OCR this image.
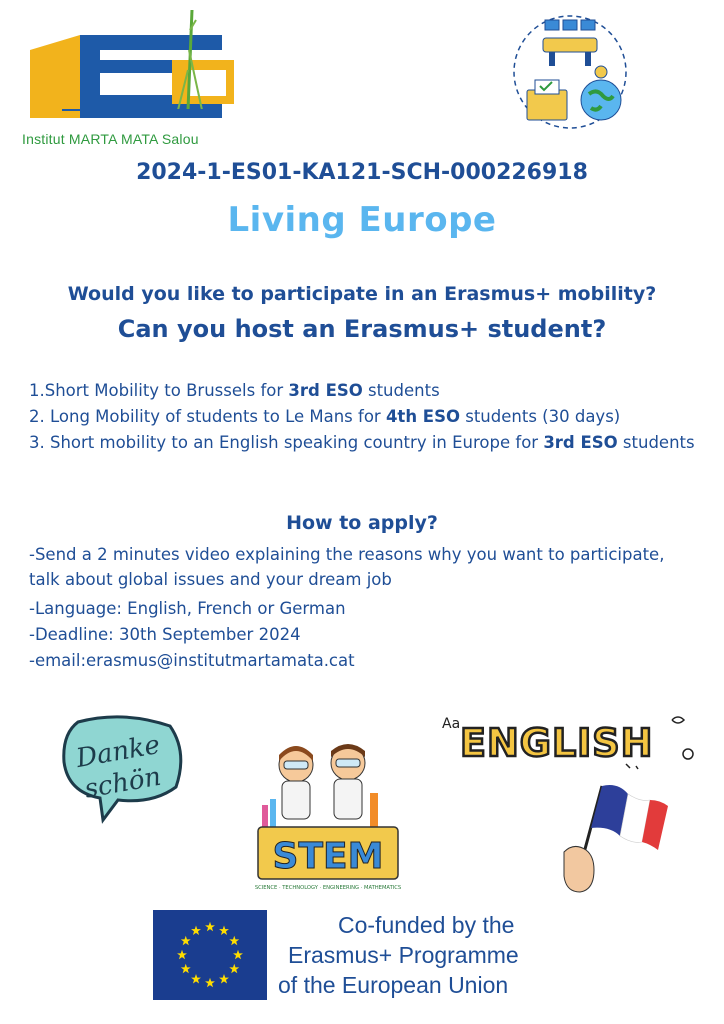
Institut MARTA MATA Salou
2024-1-ES01-KA121-SCH-000226918
Living Europe
Would you like to participate in an Erasmus+ mobility?
Can you host an Erasmus+ student?
1.Short Mobility to Brussels for 3rd ESO students
2. Long Mobility of students to Le Mans for 4th ESO students (30 days)
3. Short mobility to an English speaking country in Europe for 3rd ESO students
How to apply?
-Send a 2 minutes video explaining the reasons why you want to participate, talk about global issues and your dream job
-Language: English, French or German
-Deadline: 30th September 2024
-email:erasmus@institutmartamata.cat
Danke
schön
Aa ENGLISH
STEM
SCIENCE · TECHNOLOGY · ENGINEERING · MATHEMATICS
Co-funded by the
Erasmus+ Programme
of the European Union
